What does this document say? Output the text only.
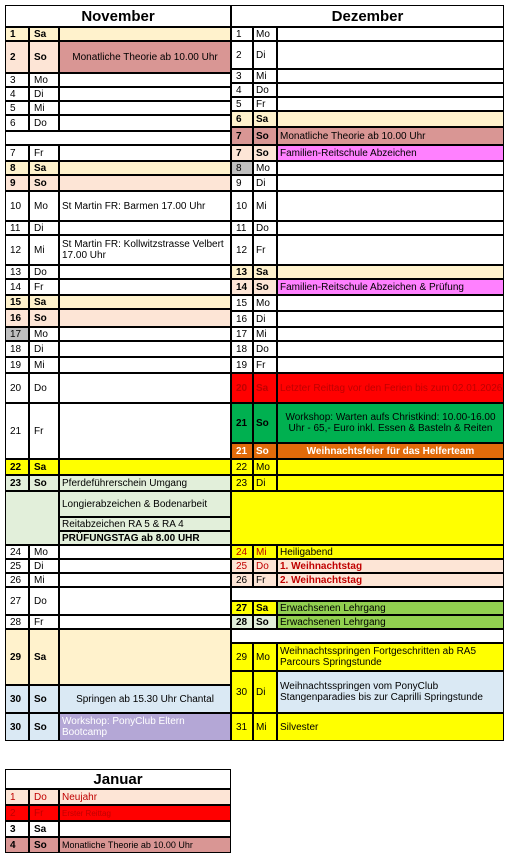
November	Dezember
1	Sa
2	So	Monatliche Theorie ab 10.00 Uhr
3	Mo
4	Di
5	Mi
6	Do
7	Fr
8	Sa
9	So
10	Mo	St Martin FR: Barmen 17.00 Uhr
11	Di
12	Mi	St Martin FR: Kollwitzstrasse Velbert 17.00 Uhr
13	Do
14	Fr
15	Sa
16	So
17	Mo
18	Di
19	Mi
20	Do
21	Fr
22	Sa
23	So	Pferdeführerschein Umgang
Longierabzeichen & Bodenarbeit
Reitabzeichen RA 5 & RA 4
PRÜFUNGSTAG ab 8.00 UHR
24	Mo
25	Di
26	Mi
27	Do
28	Fr
29	Sa
30	So	Springen ab 15.30 Uhr Chantal
30	So	Workshop: PonyClub Eltern Bootcamp
1	Mo
2	Di
3	Mi
4	Do
5	Fr
6	Sa
7	So	Monatliche Theorie ab 10.00 Uhr
7	So	Familien-Reitschule Abzeichen
8	Mo
9	Di
10 Mi
11 Do
12 Fr
13 Sa
14 So	Familien-Reitschule Abzeichen & Prüfung
15 Mo
16 Di
17 Mi
18 Do
19 Fr
20 Sa	Letzter Reittag vor den Ferien bis zum 02.01.2026
21 So	Workshop: Warten aufs Christkind: 10.00-16.00 Uhr - 65,- Euro inkl. Essen & Basteln & Reiten
21 So	Weihnachtsfeier für das Helferteam
22 Mo
23 Di
24 Mi	Heiligabend
25 Do	1. Weihnachtstag
26 Fr	2. Weihnachtstag
27 Sa	Erwachsenen Lehrgang
28 So	Erwachsenen Lehrgang
29 Mo	Weihnachtsspringen Fortgeschritten ab RA5 Parcours Springstunde
30 Di	Weihnachtsspringen vom PonyClub Stangenparadies bis zur Caprilli Springstunde
31 Mi	Silvester
Januar
1	Do	Neujahr
2	Fr	Erster Reittag
3	Sa
4	So	Monatliche Theorie ab 10.00 Uhr
